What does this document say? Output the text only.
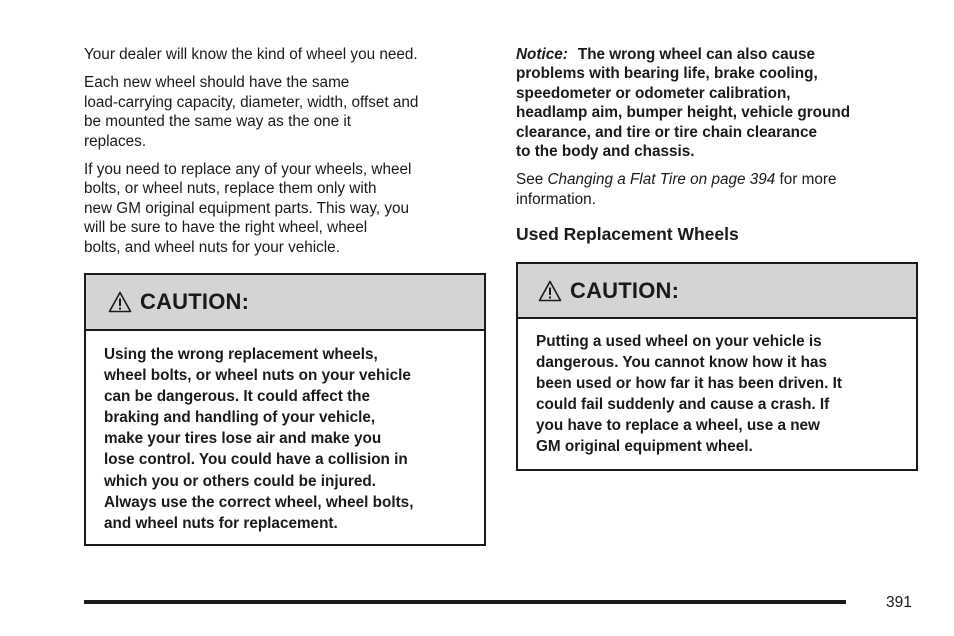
Your dealer will know the kind of wheel you need.

Each new wheel should have the same
load-carrying capacity, diameter, width, offset and
be mounted the same way as the one it
replaces.

If you need to replace any of your wheels, wheel
bolts, or wheel nuts, replace them only with
new GM original equipment parts. This way, you
will be sure to have the right wheel, wheel
bolts, and wheel nuts for your vehicle.

CAUTION:
Using the wrong replacement wheels,
wheel bolts, or wheel nuts on your vehicle
can be dangerous. It could affect the
braking and handling of your vehicle,
make your tires lose air and make you
lose control. You could have a collision in
which you or others could be injured.
Always use the correct wheel, wheel bolts,
and wheel nuts for replacement.

Notice: The wrong wheel can also cause
problems with bearing life, brake cooling,
speedometer or odometer calibration,
headlamp aim, bumper height, vehicle ground
clearance, and tire or tire chain clearance
to the body and chassis.

See Changing a Flat Tire on page 394 for more
information.

Used Replacement Wheels
CAUTION:
Putting a used wheel on your vehicle is
dangerous. You cannot know how it has
been used or how far it has been driven. It
could fail suddenly and cause a crash. If
you have to replace a wheel, use a new
GM original equipment wheel.
391
